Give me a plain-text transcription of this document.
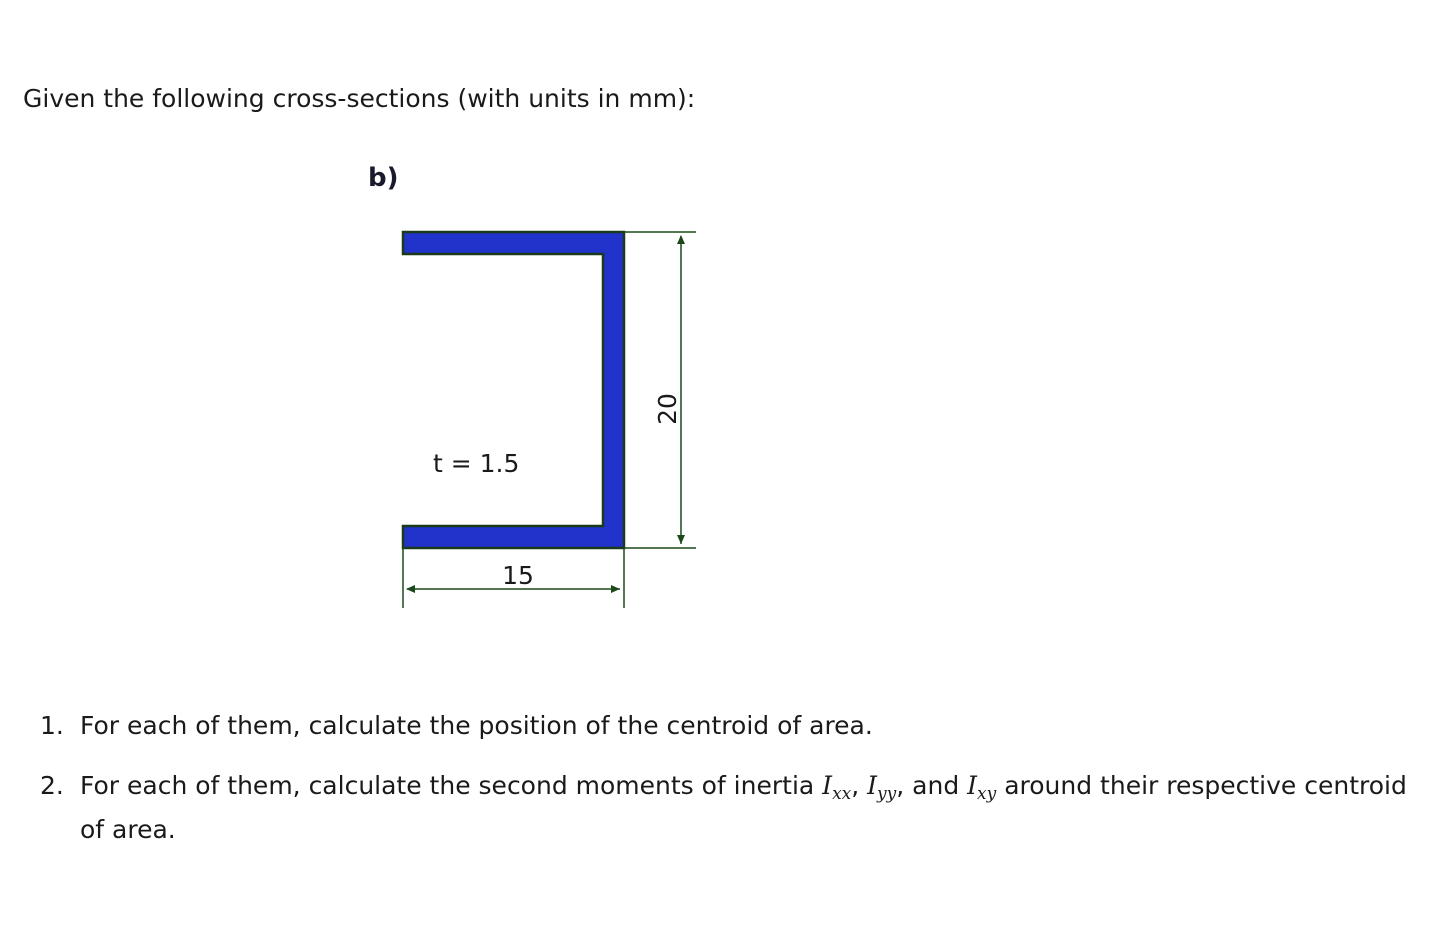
Given the following cross-sections (with units in mm):
b)
20
15
t = 1.5
1. For each of them, calculate the position of the centroid of area.
2. For each of them, calculate the second moments of inertia $I_{xx}$, $I_{yy}$, and $I_{xy}$ around their respective centroid of area.
